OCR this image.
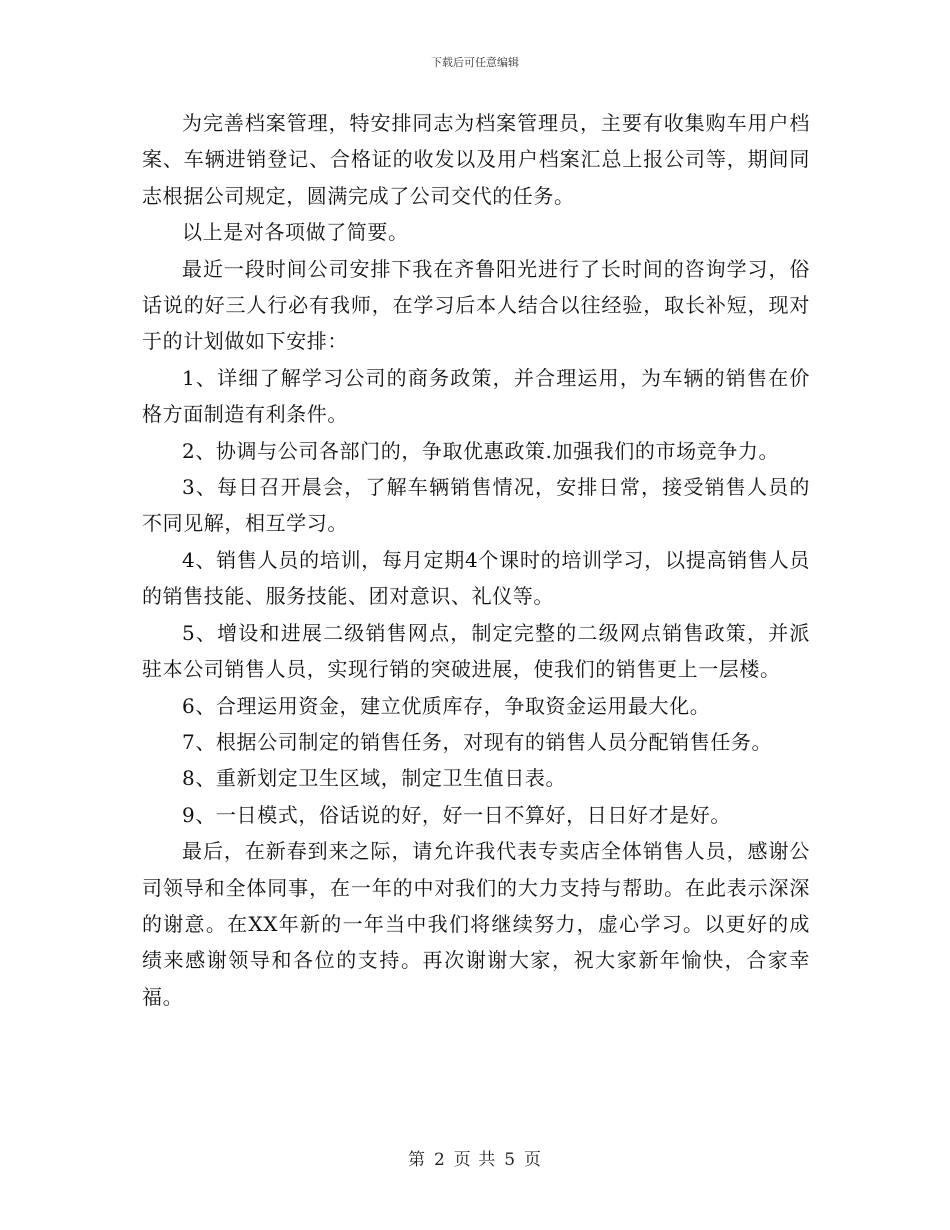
下载后可任意编辑

为完善档案管理，特安排同志为档案管理员，主要有收集购车用户档案、车辆进销登记、合格证的收发以及用户档案汇总上报公司等，期间同志根据公司规定，圆满完成了公司交代的任务。

以上是对各项做了简要。

最近一段时间公司安排下我在齐鲁阳光进行了长时间的咨询学习，俗话说的好三人行必有我师，在学习后本人结合以往经验，取长补短，现对于的计划做如下安排：

1、详细了解学习公司的商务政策，并合理运用，为车辆的销售在价格方面制造有利条件。

2、协调与公司各部门的，争取优惠政策.加强我们的市场竞争力。

3、每日召开晨会，了解车辆销售情况，安排日常，接受销售人员的不同见解，相互学习。

4、销售人员的培训，每月定期4个课时的培训学习，以提高销售人员的销售技能、服务技能、团对意识、礼仪等。

5、增设和进展二级销售网点，制定完整的二级网点销售政策，并派驻本公司销售人员，实现行销的突破进展，使我们的销售更上一层楼。

6、合理运用资金，建立优质库存，争取资金运用最大化。

7、根据公司制定的销售任务，对现有的销售人员分配销售任务。

8、重新划定卫生区域，制定卫生值日表。

9、一日模式，俗话说的好，好一日不算好，日日好才是好。

最后，在新春到来之际，请允许我代表专卖店全体销售人员，感谢公司领导和全体同事，在一年的中对我们的大力支持与帮助。在此表示深深的谢意。在XX年新的一年当中我们将继续努力，虚心学习。以更好的成绩来感谢领导和各位的支持。再次谢谢大家，祝大家新年愉快，合家幸福。

第 2 页 共 5 页
